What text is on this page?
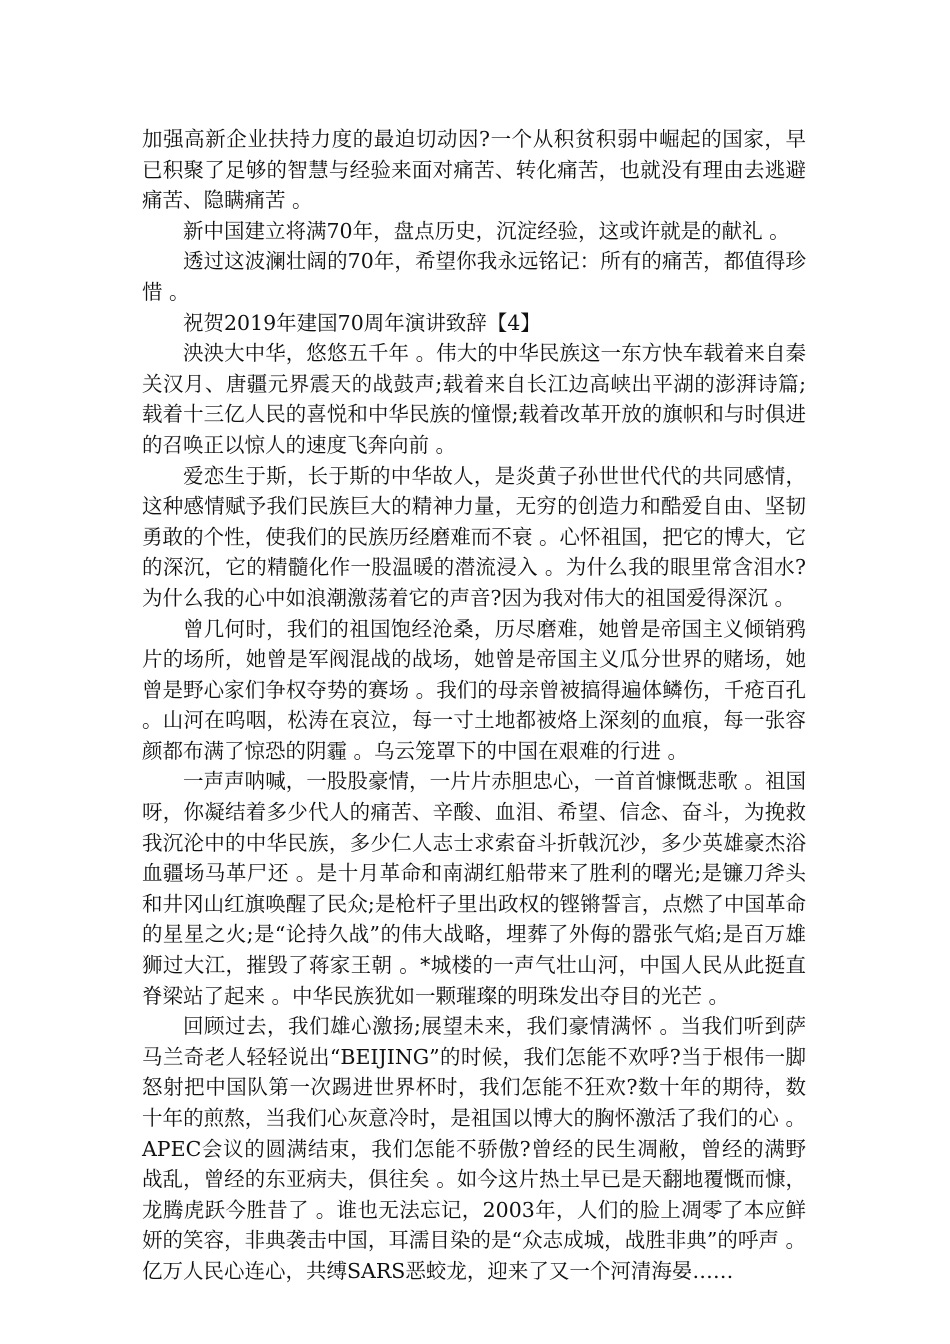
加强高新企业扶持力度的最迫切动因?一个从积贫积弱中崛起的国家，早已积聚了足够的智慧与经验来面对痛苦、转化痛苦，也就没有理由去逃避痛苦、隐瞒痛苦 。

新中国建立将满70年，盘点历史，沉淀经验，这或许就是的献礼 。

透过这波澜壮阔的70年，希望你我永远铭记：所有的痛苦，都值得珍惜 。

祝贺2019年建国70周年演讲致辞【4】

泱泱大中华，悠悠五千年 。伟大的中华民族这一东方快车载着来自秦关汉月、唐疆元界震天的战鼓声;载着来自长江边高峡出平湖的澎湃诗篇;载着十三亿人民的喜悦和中华民族的憧憬;载着改革开放的旗帜和与时俱进的召唤正以惊人的速度飞奔向前 。

爱恋生于斯，长于斯的中华故人，是炎黄子孙世世代代的共同感情，这种感情赋予我们民族巨大的精神力量，无穷的创造力和酷爱自由、坚韧勇敢的个性，使我们的民族历经磨难而不衰 。心怀祖国，把它的博大，它的深沉，它的精髓化作一股温暖的潜流浸入 。为什么我的眼里常含泪水?为什么我的心中如浪潮激荡着它的声音?因为我对伟大的祖国爱得深沉 。

曾几何时，我们的祖国饱经沧桑，历尽磨难，她曾是帝国主义倾销鸦片的场所，她曾是军阀混战的战场，她曾是帝国主义瓜分世界的赌场，她曾是野心家们争权夺势的赛场 。我们的母亲曾被搞得遍体鳞伤，千疮百孔 。山河在呜咽，松涛在哀泣，每一寸土地都被烙上深刻的血痕，每一张容颜都布满了惊恐的阴霾 。乌云笼罩下的中国在艰难的行进 。

一声声呐喊，一股股豪情，一片片赤胆忠心，一首首慷慨悲歌 。祖国呀，你凝结着多少代人的痛苦、辛酸、血泪、希望、信念、奋斗，为挽救我沉沦中的中华民族，多少仁人志士求索奋斗折戟沉沙，多少英雄豪杰浴血疆场马革尸还 。是十月革命和南湖红船带来了胜利的曙光;是镰刀斧头和井冈山红旗唤醒了民众;是枪杆子里出政权的铿锵誓言，点燃了中国革命的星星之火;是“论持久战”的伟大战略，埋葬了外侮的嚣张气焰;是百万雄狮过大江，摧毁了蒋家王朝 。*城楼的一声气壮山河，中国人民从此挺直脊梁站了起来 。中华民族犹如一颗璀璨的明珠发出夺目的光芒 。

回顾过去，我们雄心激扬;展望未来，我们豪情满怀 。当我们听到萨马兰奇老人轻轻说出“BEIJING”的时候，我们怎能不欢呼?当于根伟一脚怒射把中国队第一次踢进世界杯时，我们怎能不狂欢?数十年的期待，数十年的煎熬，当我们心灰意冷时，是祖国以博大的胸怀激活了我们的心 。APEC会议的圆满结束，我们怎能不骄傲?曾经的民生凋敝，曾经的满野战乱，曾经的东亚病夫，俱往矣 。如今这片热土早已是天翻地覆慨而慷，龙腾虎跃今胜昔了 。谁也无法忘记，2003年，人们的脸上凋零了本应鲜妍的笑容，非典袭击中国，耳濡目染的是“众志成城，战胜非典”的呼声 。亿万人民心连心，共缚SARS恶蛟龙，迎来了又一个河清海晏……
